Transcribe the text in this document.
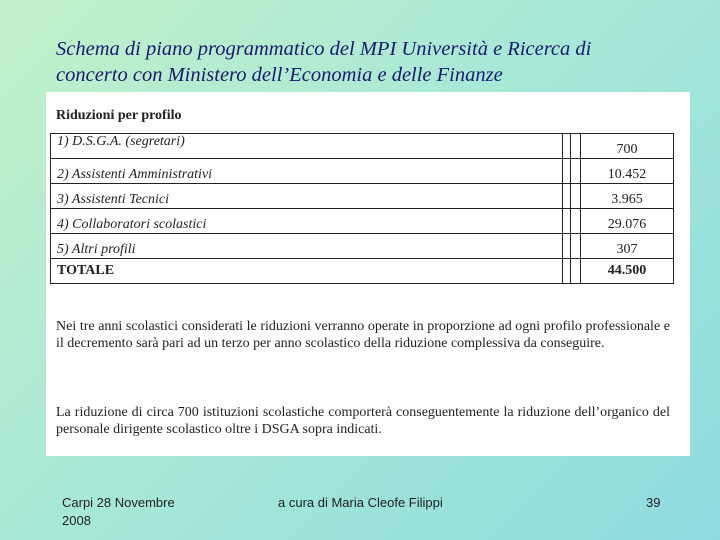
Schema di piano programmatico del MPI Università e Ricerca di
concerto con Ministero dell’Economia e delle Finanze
Riduzioni per profilo
1) D.S.G.A. (segretari)			700
2) Assistenti Amministrativi			10.452
3) Assistenti Tecnici			3.965
4) Collaboratori scolastici			29.076
5) Altri profili			307
TOTALE			44.500
Nei tre anni scolastici considerati le riduzioni verranno operate in proporzione ad ogni profilo professionale e il decremento sarà pari ad un terzo per anno scolastico della riduzione complessiva da conseguire.
La riduzione di circa 700 istituzioni scolastiche comporterà conseguentemente la riduzione dell’organico del personale dirigente scolastico oltre i DSGA sopra indicati.
Carpi 28 Novembre 2008
a cura di Maria Cleofe Filippi	39
